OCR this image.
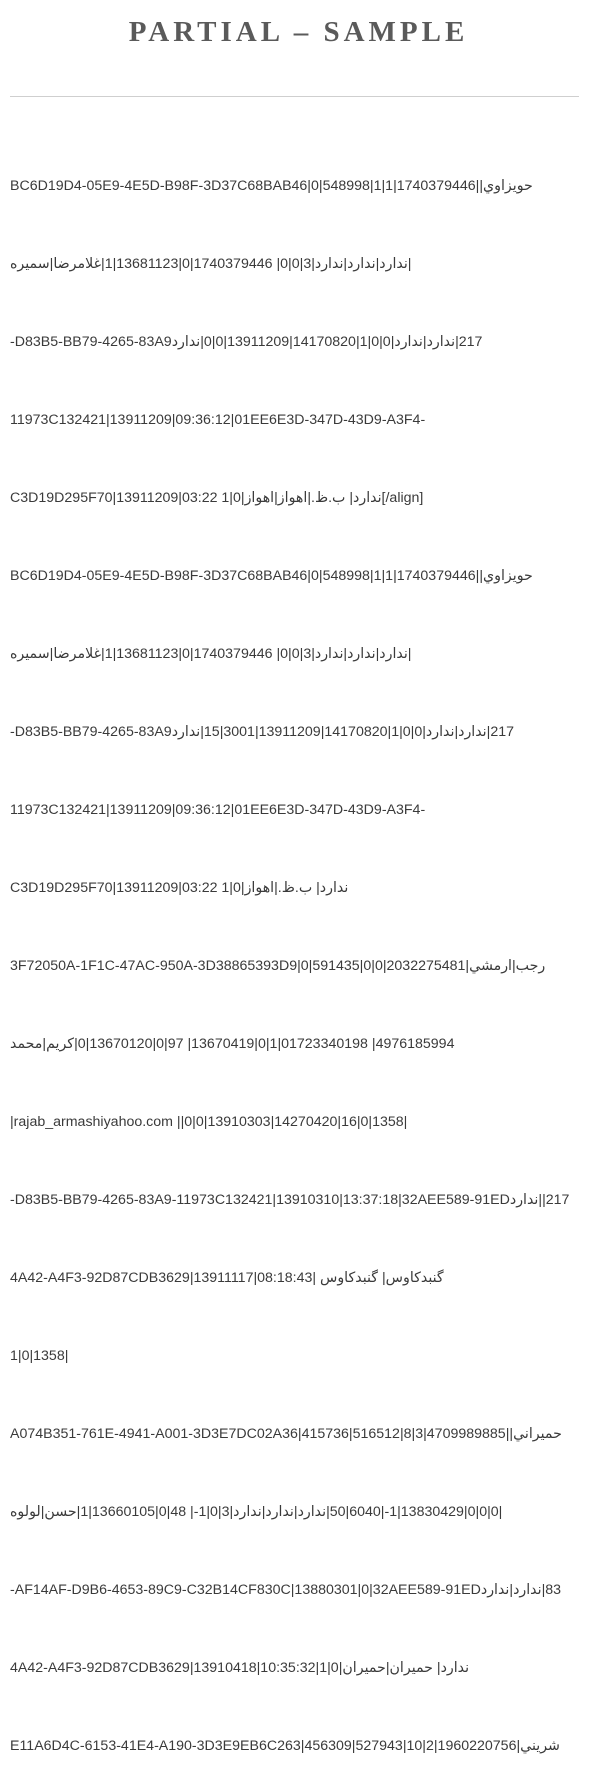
PARTIAL – SAMPLE

BC6D19D4-05E9-4E5D-B98F-3D37C68BAB46|0|548998|1|1|1740379446||حويزاوي

|ندارد|ندارد|ندارد|3|0|0| 1740379446|0|13681123|1|غلامرضا|سميره

217|ندارد|ندارد|0|0|1|14170820|13911209|0|0|نداردD83B5-BB79-4265-83A9-

11973C132421|13911209|09:36:12|01EE6E3D-347D-43D9-A3F4-

C3D19D295F70|13911209|03:22 1|0|ندارد| ب.ظ.|اهواز|اهواز[/align]

BC6D19D4-05E9-4E5D-B98F-3D37C68BAB46|0|548998|1|1|1740379446||حويزاوي

|ندارد|ندارد|ندارد|3|0|0| 1740379446|0|13681123|1|غلامرضا|سميره

217|ندارد|ندارد|0|0|1|14170820|13911209|3001|15|نداردD83B5-BB79-4265-83A9-

11973C132421|13911209|09:36:12|01EE6E3D-347D-43D9-A3F4-

C3D19D295F70|13911209|03:22 1|0|ندارد| ب.ظ.|اهواز

3F72050A-1F1C-47AC-950A-3D38865393D9|0|591435|0|0|2032275481|رجب|ارمشي

4976185994| 01723340198|1|0|13670419| 97|0|13670120|0|کريم|محمد

|rajab_armashiyahoo.com ||0|0|13910303|14270420|16|0|1358|

217||نداردD83B5-BB79-4265-83A9-11973C132421|13910310|13:37:18|32AEE589-91ED-

4A42-A4F3-92D87CDB3629|13911117|08:18:43| گنبدکاوس| گنبدکاوس

1|0|1358|

A074B351-761E-4941-A001-3D3E7DC02A36|415736|516512|8|3|4709989885||حميراني

|0|0|0|13830429|1-|6040|50|ندارد|ندارد|ندارد|3|0|1-| 48|0|13660105|1|حسن|لولوه

83|ندارد|نداردAF14AF-D9B6-4653-89C9-C32B14CF830C|13880301|0|32AEE589-91ED-

4A42-A4F3-92D87CDB3629|13910418|10:35:32|1|0|ندارد| حميران|حميران

E11A6D4C-6153-41E4-A190-3D3E9EB6C263|456309|527943|10|2|1960220756|شريني
